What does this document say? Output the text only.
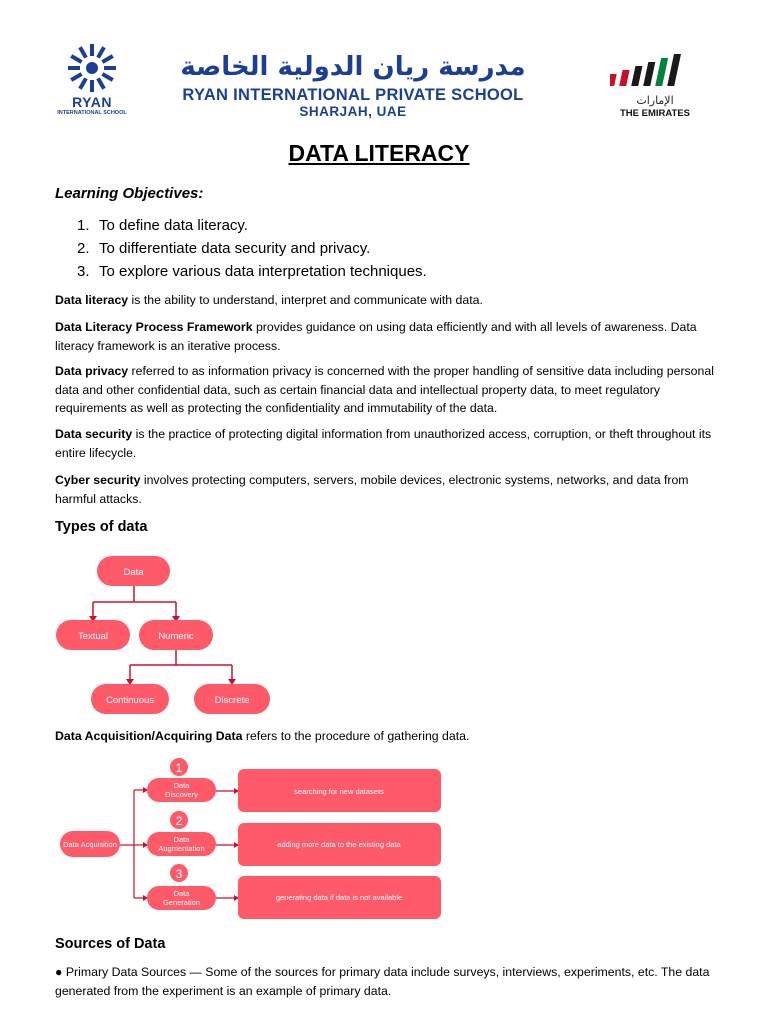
RYAN
INTERNATIONAL SCHOOL
مدرسة ريان الدولية الخاصة
RYAN INTERNATIONAL PRIVATE SCHOOL
SHARJAH, UAE
الإمارات
THE EMIRATES
DATA LITERACY
Learning Objectives:
1. To define data literacy.
2. To differentiate data security and privacy.
3. To explore various data interpretation techniques.

Data literacy is the ability to understand, interpret and communicate with data.

Data Literacy Process Framework provides guidance on using data efficiently and with all levels of awareness. Data literacy framework is an iterative process.

Data privacy referred to as information privacy is concerned with the proper handling of sensitive data including personal data and other confidential data, such as certain financial data and intellectual property data, to meet regulatory requirements as well as protecting the confidentiality and immutability of the data.

Data security is the practice of protecting digital information from unauthorized access, corruption, or theft throughout its entire lifecycle.

Cyber security involves protecting computers, servers, mobile devices, electronic systems, networks, and data from harmful attacks.

Types of data
Data
Textual	Numeric
Continuous	Discrete

Data Acquisition/Acquiring Data refers to the procedure of gathering data.

Data Acquisition
1
Data Discovery	searching for new datasets
2
Data Augmentation	adding more data to the existing data
3
Data Generation
generating data if data is not available
Sources of Data

● Primary Data Sources — Some of the sources for primary data include surveys, interviews, experiments, etc. The data generated from the experiment is an example of primary data.
